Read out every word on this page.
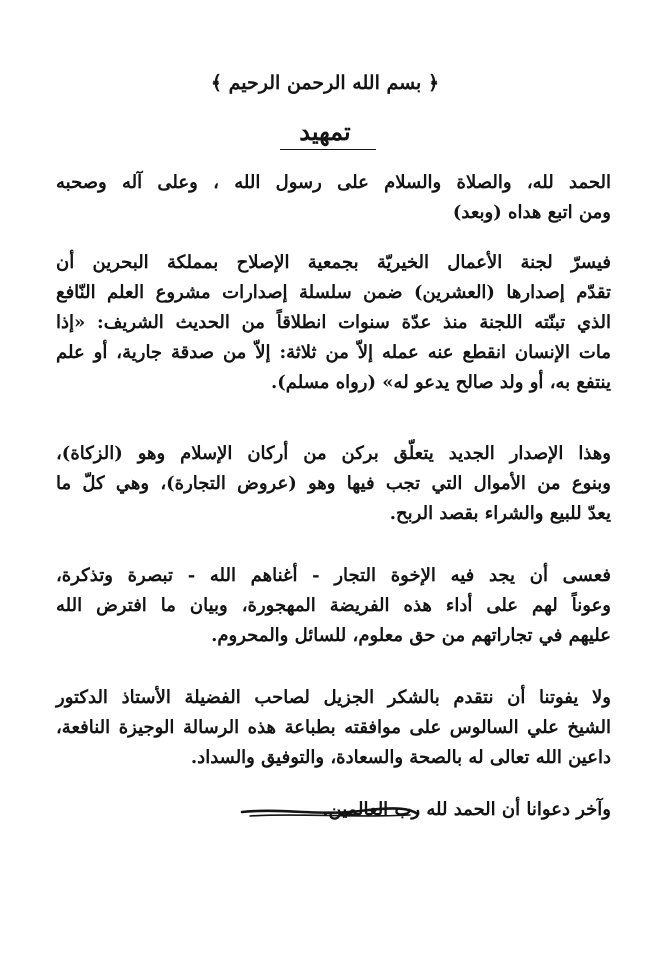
﴿ بسم الله الرحمن الرحيم ﴾
تمهيد
الحمد لله، والصلاة والسلام على رسول الله ، وعلى آله وصحبه
ومن اتبع هداه (وبعد)
فيسرّ لجنة الأعمال الخيريّة بجمعية الإصلاح بمملكة البحرين أن
تقدّم إصدارها (العشرين) ضمن سلسلة إصدارات مشروع العلم النّافع
الذي تبنّته اللجنة منذ عدّة سنوات انطلاقاً من الحديث الشريف: «إذا
مات الإنسان انقطع عنه عمله إلاّ من ثلاثة: إلاّ من صدقة جارية، أو علم
ينتفع به، أو ولد صالح يدعو له» (رواه مسلم).
وهذا الإصدار الجديد يتعلّق بركن من أركان الإسلام وهو (الزكاة)،
وبنوع من الأموال التي تجب فيها وهو (عروض التجارة)، وهي كلّ ما
يعدّ للبيع والشراء بقصد الربح.
فعسى أن يجد فيه الإخوة التجار - أغناهم الله - تبصرة وتذكرة،
وعوناً لهم على أداء هذه الفريضة المهجورة، وبيان ما افترض الله
عليهم في تجاراتهم من حق معلوم، للسائل والمحروم.
ولا يفوتنا أن نتقدم بالشكر الجزيل لصاحب الفضيلة الأستاذ الدكتور
الشيخ علي السالوس على موافقته بطباعة هذه الرسالة الوجيزة النافعة،
داعين الله تعالى له بالصحة والسعادة، والتوفيق والسداد.
وآخر دعوانا أن الحمد لله رب العالمين.
